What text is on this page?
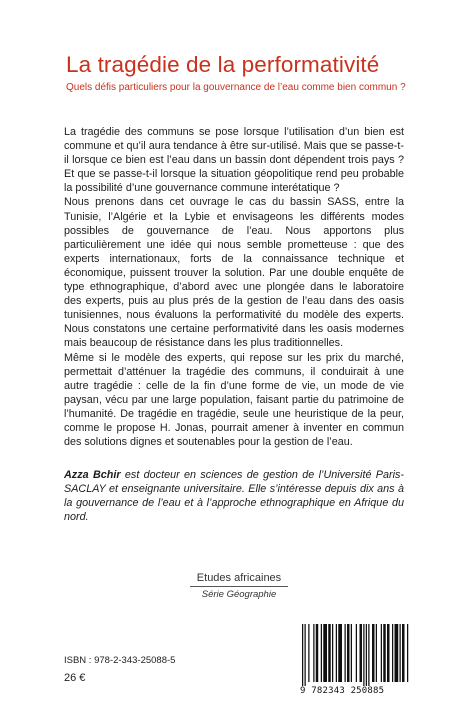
La tragédie de la performativité
Quels défis particuliers pour la gouvernance de l’eau comme bien commun ?

La tragédie des communs se pose lorsque l’utilisation d’un bien est commune et qu’il aura tendance à être sur-utilisé. Mais que se passe-t-il lorsque ce bien est l’eau dans un bassin dont dépendent trois pays ? Et que se passe-t-il lorsque la situation géopolitique rend peu probable la possibilité d’une gouvernance commune interétatique ?

Nous prenons dans cet ouvrage le cas du bassin SASS, entre la Tunisie, l’Algérie et la Lybie et envisageons les différents modes possibles de gouvernance de l’eau. Nous apportons plus particulièrement une idée qui nous semble prometteuse : que des experts internationaux, forts de la connaissance technique et économique, puissent trouver la solution. Par une double enquête de type ethnographique, d’abord avec une plongée dans le laboratoire des experts, puis au plus prés de la gestion de l’eau dans des oasis tunisiennes, nous évaluons la performativité du modèle des experts. Nous constatons une certaine performativité dans les oasis modernes mais beaucoup de résistance dans les plus traditionnelles.

Même si le modèle des experts, qui repose sur les prix du marché, permettait d’atténuer la tragédie des communs, il conduirait à une autre tragédie : celle de la fin d’une forme de vie, un mode de vie paysan, vécu par une large population, faisant partie du patrimoine de l’humanité. De tragédie en tragédie, seule une heuristique de la peur, comme le propose H. Jonas, pourrait amener à inventer en commun des solutions dignes et soutenables pour la gestion de l’eau.

Azza Bchir est docteur en sciences de gestion de l’Université Paris-SACLAY et enseignante universitaire. Elle s’intéresse depuis dix ans à la gouvernance de l’eau et à l’approche ethnographique en Afrique du nord.

Etudes africaines
Série Géographie
ISBN : 978-2-343-25088-5
26 €
9 782343 250885
